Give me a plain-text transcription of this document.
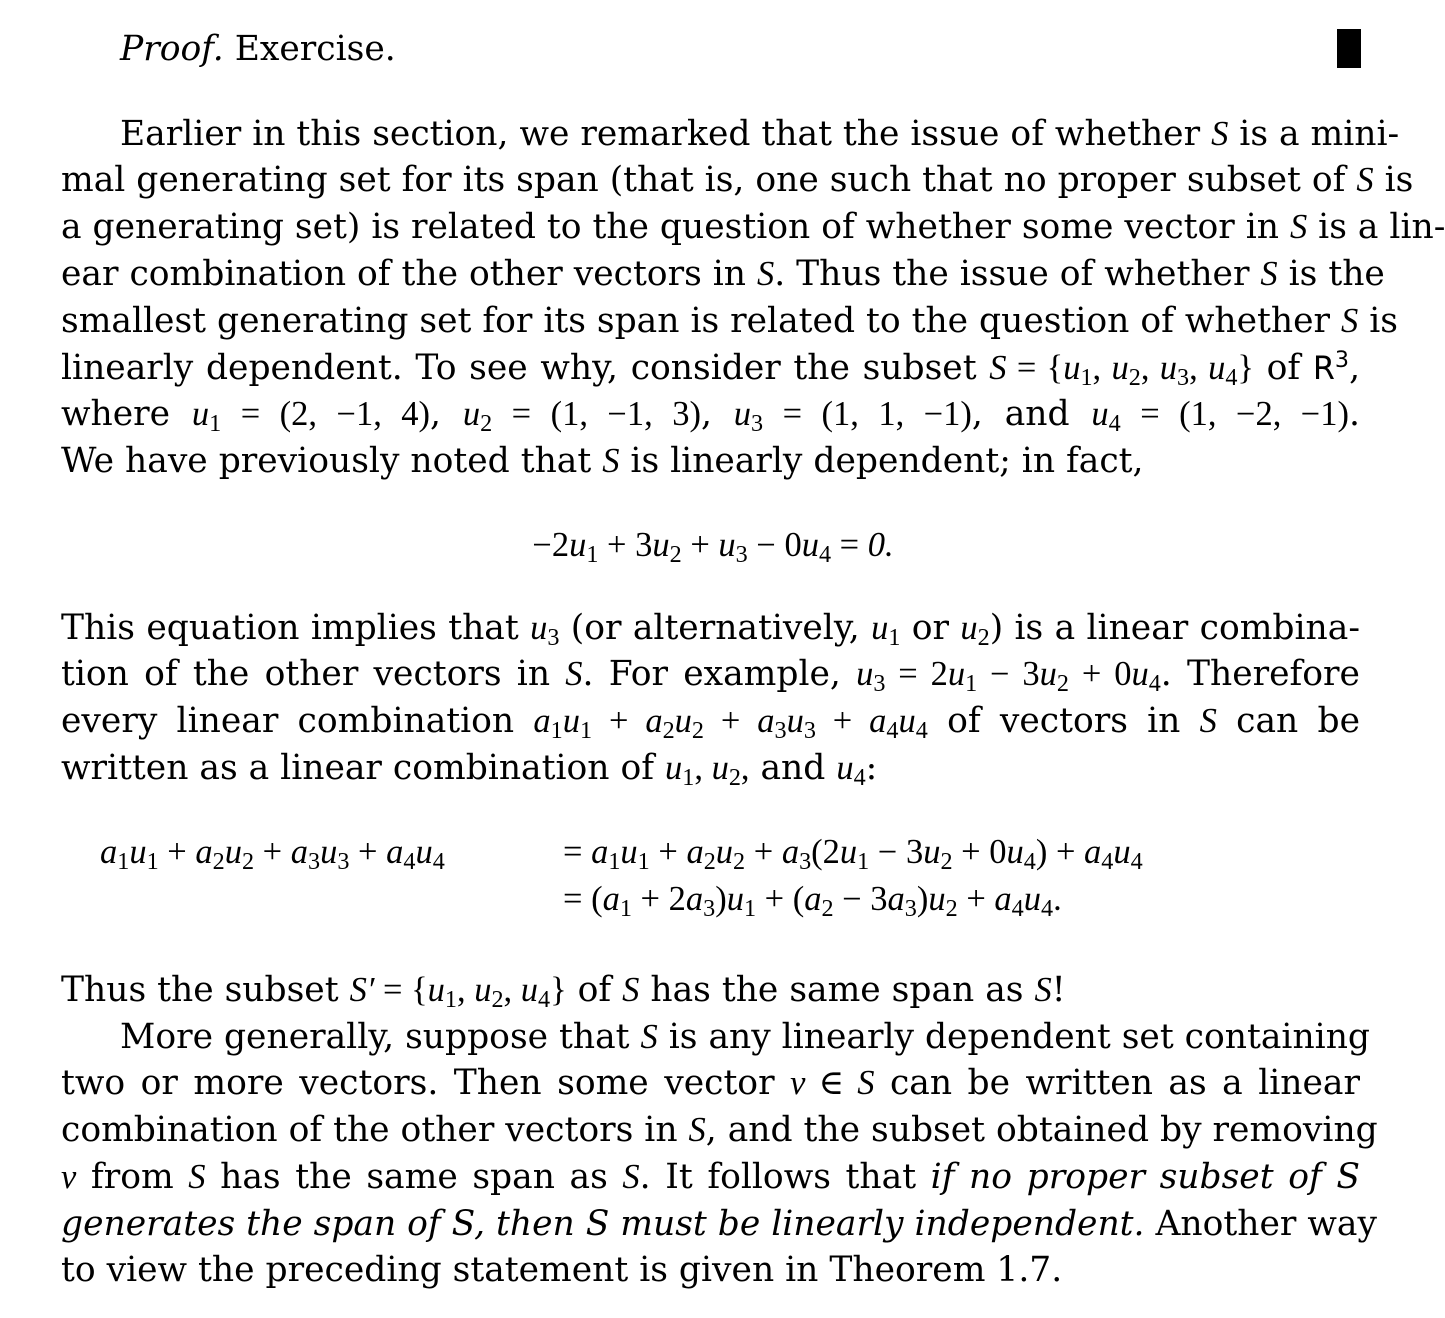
Proof. Exercise.
Earlier in this section, we remarked that the issue of whether S is a mini-
mal generating set for its span (that is, one such that no proper subset of S is
a generating set) is related to the question of whether some vector in S is a lin-
ear combination of the other vectors in S. Thus the issue of whether S is the
smallest generating set for its span is related to the question of whether S is
linearly dependent. To see why, consider the subset $S = \{u_1$, $u_2$, $u_3$, $u_4$} of $R^3$,
where $u_1 = (2$, −1, 4), $u_2 = (1$, −1, 3), $u_3 = (1$, 1, −1), and $u_4 = (1$, −2, −1).
We have previously noted that S is linearly dependent; in fact,
$-2u_1 + 3u_2 + u_3 - 0u_4 = 0$.
This equation implies that $u_3$ (or alternatively, $u_1$ or $u_2$) is a linear combina-
tion of the other vectors in S. For example, $u_3 = 2u_1 - 3u_2 + 0u_4$. Therefore
every linear combination $a_1u_1 + a_2u_2 + a_3u_3 + a_4u_4$ of vectors in S can be
written as a linear combination of $u_1$, $u_2$, and $u_4$:
$a_1u_1 + a_2u_2 + a_3u_3 + a_4u_4$	= $a_1u_1 + a_2u_2 + a_3(2u_1 - 3u_2 + 0u_4) + a_4u_4$
= $(a_1 + 2a_3)u_1 + (a_2 - 3a_3)u_2 + a_4u_4$.
Thus the subset $S' = \{u_1$, $u_2$, $u_4$} of S has the same span as S!
More generally, suppose that S is any linearly dependent set containing
two or more vectors. Then some vector v ∈ S can be written as a linear
combination of the other vectors in S, and the subset obtained by removing
v from S has the same span as S. It follows that if no proper subset of S
generates the span of S, then S must be linearly independent. Another way
to view the preceding statement is given in Theorem 1.7.
